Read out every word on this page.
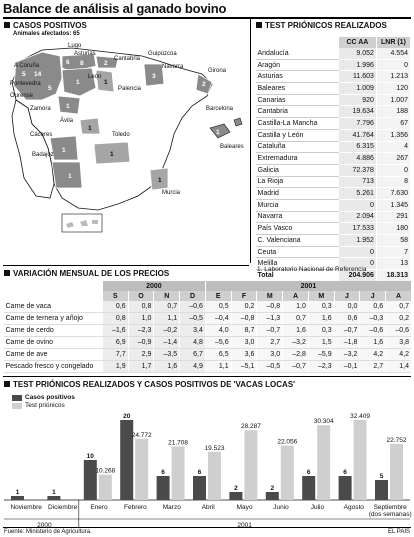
Balance de análisis al ganado bovino
CASOS POSITIVOS
Animales afectados: 65
Lugo
Asturias
Cantabria
Guipúzcoa
A Coruña	Navarra
Pontevedra
León
Palencia
Ourense
Zamora
Girona
Ávila
Barcelona
Cáceres	Toledo
Baleares
Badajoz
Murcia
6
14
8	2
5
5
1
3
2
1
1
1
1
1
1
5
1
1
1
TEST PRIÓNICOS REALIZADOS
	CC AA	LNR (1)
Andalucía	9.052	4.554
Aragón	1.996	0
Asturias	11.603	1.213
Baleares	1.009	120
Canarias	920	1.007
Cantabria	19.634	188
Castilla-La Mancha	7.796	67
Castilla y León	41.764	1.356
Cataluña	6.315	4
Extremadura	4.886	267
Galicia	72.378	0
La Rioja	713	8
Madrid	5.261	7.630
Murcia	0	1.345
Navarra	2.094	291
País Vasco	17.533	180
C. Valenciana	1.952	58
Ceuta	0	7
Melilla	0	13
Total	204.906	18.313
1. Laboratorio Nacional de Referencia
VARIACIÓN MENSUAL DE LOS PRECIOS
	2000				2001							
	S	O	N	D	E	F	M	A	M	J	J	A
Carne de vaca	0,6	0,8	0,7	–0,6	0,5	0,2	–0,8	1,0	0,3	0,0	0,6	0,7
Carne de ternera y añojo	0,8	1,0	1,1	–0,5	–0,4	–0,8	–1,3	0,7	1,6	0,6	–0,3	0,2
Carne de cerdo	–1,6	–2,3	–0,2	3,4	4,0	8,7	–0,7	1,6	0,3	–0,7	–0,6	–0,6
Carne de ovino	6,9	–0,9	–1,4	4,8	–5,6	3,0	2,7	–3,2	1,5	–1,8	1,6	3,8
Carne de ave	7,7	2,9	–3,5	6,7	6,5	3,6	3,0	–2,8	–5,9	–3,2	4,2	4,2
Pescado fresco y congelado	1,9	1,7	1,6	4,9	1,1	–5,1	–0,5	–0,7	–2,3	–0,1	2,7	1,4
TEST PRIÓNICOS REALIZADOS Y CASOS POSITIVOS DE 'VACAS LOCAS'
Casos positivos
Test priónicos
1
Noviembre
1
Diciembre
10
10.268
Enero
20
24.772
Febrero
6
21.708
Marzo
6
19.523
Abril
2
28.287
Mayo
2
22.056
Junio
6
30.304
Julio
6
32.409
Agosto
5
22.752
Septiembre
(dos semanas)
2000	2001
Fuente: Ministerio de Agricultura.	EL PAÍS
